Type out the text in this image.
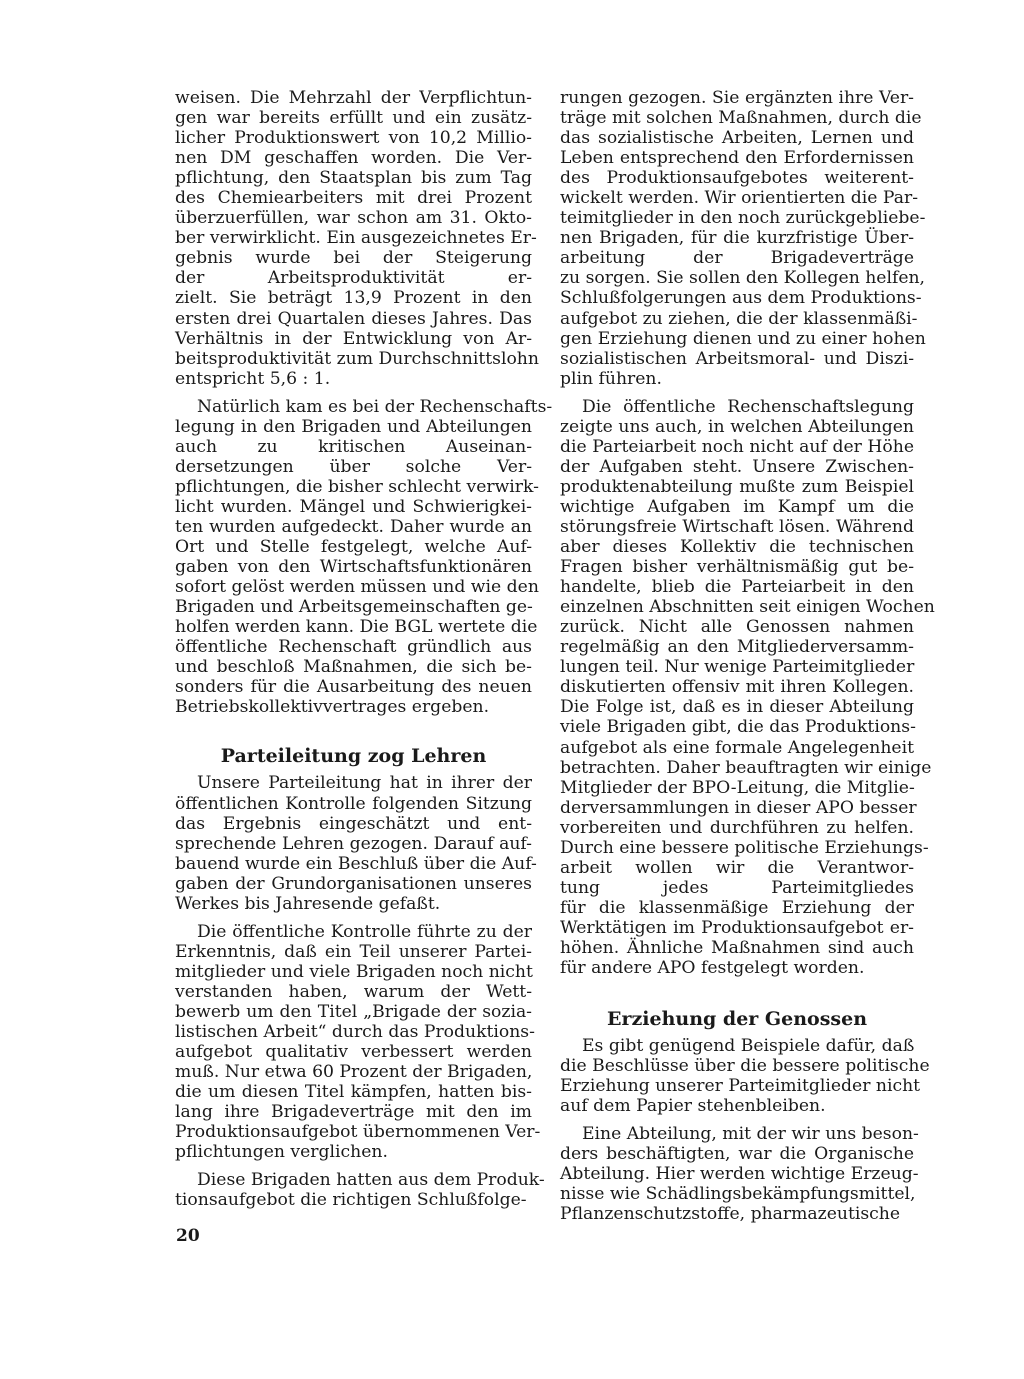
weisen. Die Mehrzahl der Verpflichtun-
gen war bereits erfüllt und ein zusätz-
licher Produktionswert von 10,2 Millio-
nen DM geschaffen worden. Die Ver-
pflichtung, den Staatsplan bis zum Tag
des Chemiearbeiters mit drei Prozent
überzuerfüllen, war schon am 31. Okto-
ber verwirklicht. Ein ausgezeichnetes Er-
gebnis wurde bei der Steigerung
der Arbeitsproduktivität er-
zielt. Sie beträgt 13,9 Prozent in den
ersten drei Quartalen dieses Jahres. Das
Verhältnis in der Entwicklung von Ar-
beitsproduktivität zum Durchschnittslohn
entspricht 5,6 : 1.
Natürlich kam es bei der Rechenschafts-
legung in den Brigaden und Abteilungen
auch zu kritischen Auseinan-
dersetzungen über solche Ver-
pflichtungen, die bisher schlecht verwirk-
licht wurden. Mängel und Schwierigkei-
ten wurden aufgedeckt. Daher wurde an
Ort und Stelle festgelegt, welche Auf-
gaben von den Wirtschaftsfunktionären
sofort gelöst werden müssen und wie den
Brigaden und Arbeitsgemeinschaften ge-
holfen werden kann. Die BGL wertete die
öffentliche Rechenschaft gründlich aus
und beschloß Maßnahmen, die sich be-
sonders für die Ausarbeitung des neuen
Betriebskollektivvertrages ergeben.
Parteileitung zog Lehren
Unsere Parteileitung hat in ihrer der
öffentlichen Kontrolle folgenden Sitzung
das Ergebnis eingeschätzt und ent-
sprechende Lehren gezogen. Darauf auf-
bauend wurde ein Beschluß über die Auf-
gaben der Grundorganisationen unseres
Werkes bis Jahresende gefaßt.
Die öffentliche Kontrolle führte zu der
Erkenntnis, daß ein Teil unserer Partei-
mitglieder und viele Brigaden noch nicht
verstanden haben, warum der Wett-
bewerb um den Titel „Brigade der sozia-
listischen Arbeit“ durch das Produktions-
aufgebot qualitativ verbessert werden
muß. Nur etwa 60 Prozent der Brigaden,
die um diesen Titel kämpfen, hatten bis-
lang ihre Brigadeverträge mit den im
Produktionsaufgebot übernommenen Ver-
pflichtungen verglichen.
Diese Brigaden hatten aus dem Produk-
tionsaufgebot die richtigen Schlußfolge-
rungen gezogen. Sie ergänzten ihre Ver-
träge mit solchen Maßnahmen, durch die
das sozialistische Arbeiten, Lernen und
Leben entsprechend den Erfordernissen
des Produktionsaufgebotes weiterent-
wickelt werden. Wir orientierten die Par-
teimitglieder in den noch zurückgebliebe-
nen Brigaden, für die kurzfristige Über-
arbeitung der Brigadeverträge
zu sorgen. Sie sollen den Kollegen helfen,
Schlußfolgerungen aus dem Produktions-
aufgebot zu ziehen, die der klassenmäßi-
gen Erziehung dienen und zu einer hohen
sozialistischen Arbeitsmoral- und Diszi-
plin führen.
Die öffentliche Rechenschaftslegung
zeigte uns auch, in welchen Abteilungen
die Parteiarbeit noch nicht auf der Höhe
der Aufgaben steht. Unsere Zwischen-
produktenabteilung mußte zum Beispiel
wichtige Aufgaben im Kampf um die
störungsfreie Wirtschaft lösen. Während
aber dieses Kollektiv die technischen
Fragen bisher verhältnismäßig gut be-
handelte, blieb die Parteiarbeit in den
einzelnen Abschnitten seit einigen Wochen
zurück. Nicht alle Genossen nahmen
regelmäßig an den Mitgliederversamm-
lungen teil. Nur wenige Parteimitglieder
diskutierten offensiv mit ihren Kollegen.
Die Folge ist, daß es in dieser Abteilung
viele Brigaden gibt, die das Produktions-
aufgebot als eine formale Angelegenheit
betrachten. Daher beauftragten wir einige
Mitglieder der BPO-Leitung, die Mitglie-
derversammlungen in dieser APO besser
vorbereiten und durchführen zu helfen.
Durch eine bessere politische Erziehungs-
arbeit wollen wir die Verantwor-
tung jedes Parteimitgliedes
für die klassenmäßige Erziehung der
Werktätigen im Produktionsaufgebot er-
höhen. Ähnliche Maßnahmen sind auch
für andere APO festgelegt worden.
Erziehung der Genossen
Es gibt genügend Beispiele dafür, daß
die Beschlüsse über die bessere politische
Erziehung unserer Parteimitglieder nicht
auf dem Papier stehenbleiben.
Eine Abteilung, mit der wir uns beson-
ders beschäftigten, war die Organische
Abteilung. Hier werden wichtige Erzeug-
nisse wie Schädlingsbekämpfungsmittel,
Pflanzenschutzstoffe, pharmazeutische
20
